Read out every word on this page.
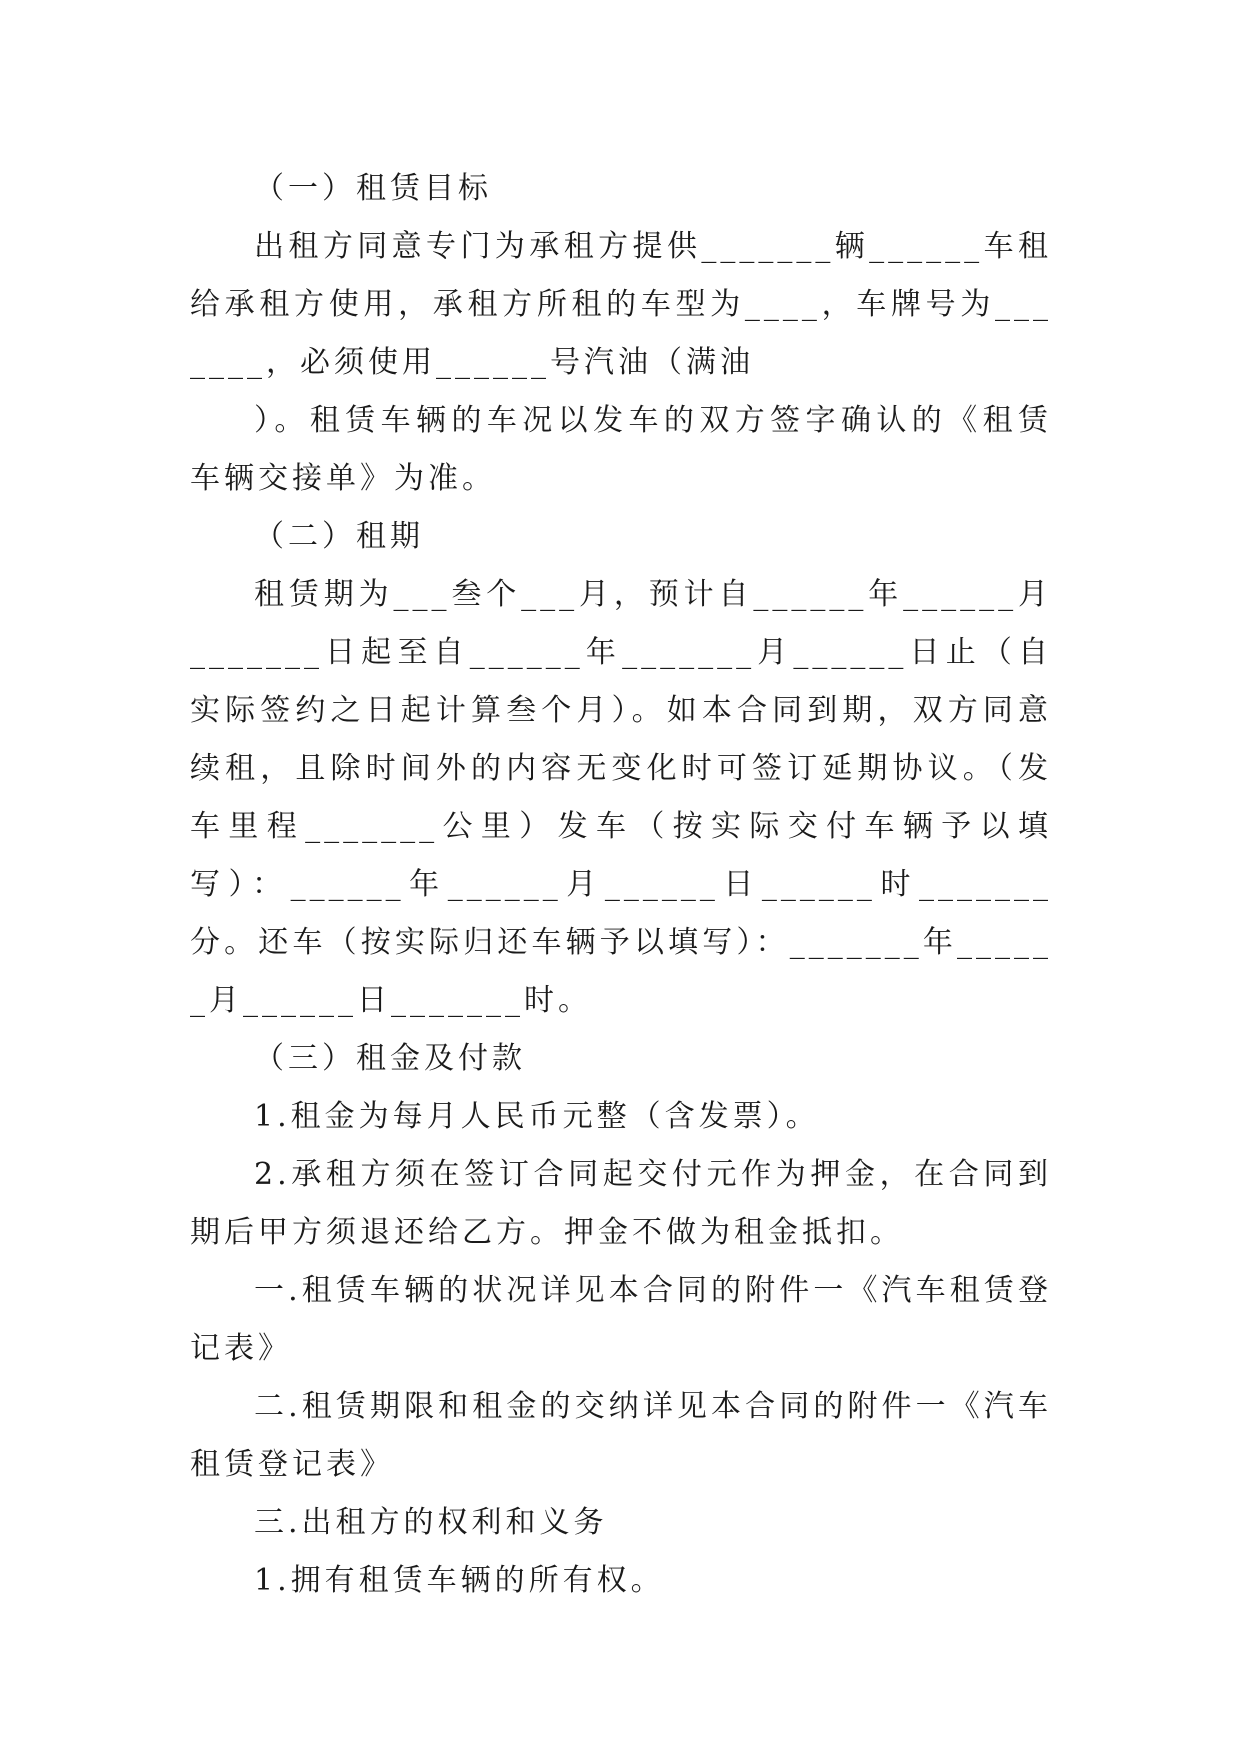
（一）租赁目标

出租方同意专门为承租方提供_______辆______车租给承租方使用，承租方所租的车型为____，车牌号为_______，必须使用______号汽油（满油

）。租赁车辆的车况以发车的双方签字确认的《租赁车辆交接单》为准。

（二）租期

租赁期为___叁个___月，预计自______年______月_______日起至自______年_______月______日止（自实际签约之日起计算叁个月）。如本合同到期，双方同意续租，且除时间外的内容无变化时可签订延期协议。（发车里程_______公里）发车（按实际交付车辆予以填写）：______年______月______日______时_______分。还车（按实际归还车辆予以填写）：_______年______月______日_______时。

（三）租金及付款

1.租金为每月人民币元整（含发票）。

2.承租方须在签订合同起交付元作为押金，在合同到期后甲方须退还给乙方。押金不做为租金抵扣。

一.租赁车辆的状况详见本合同的附件一《汽车租赁登记表》

二.租赁期限和租金的交纳详见本合同的附件一《汽车租赁登记表》

三.出租方的权利和义务

1.拥有租赁车辆的所有权。
